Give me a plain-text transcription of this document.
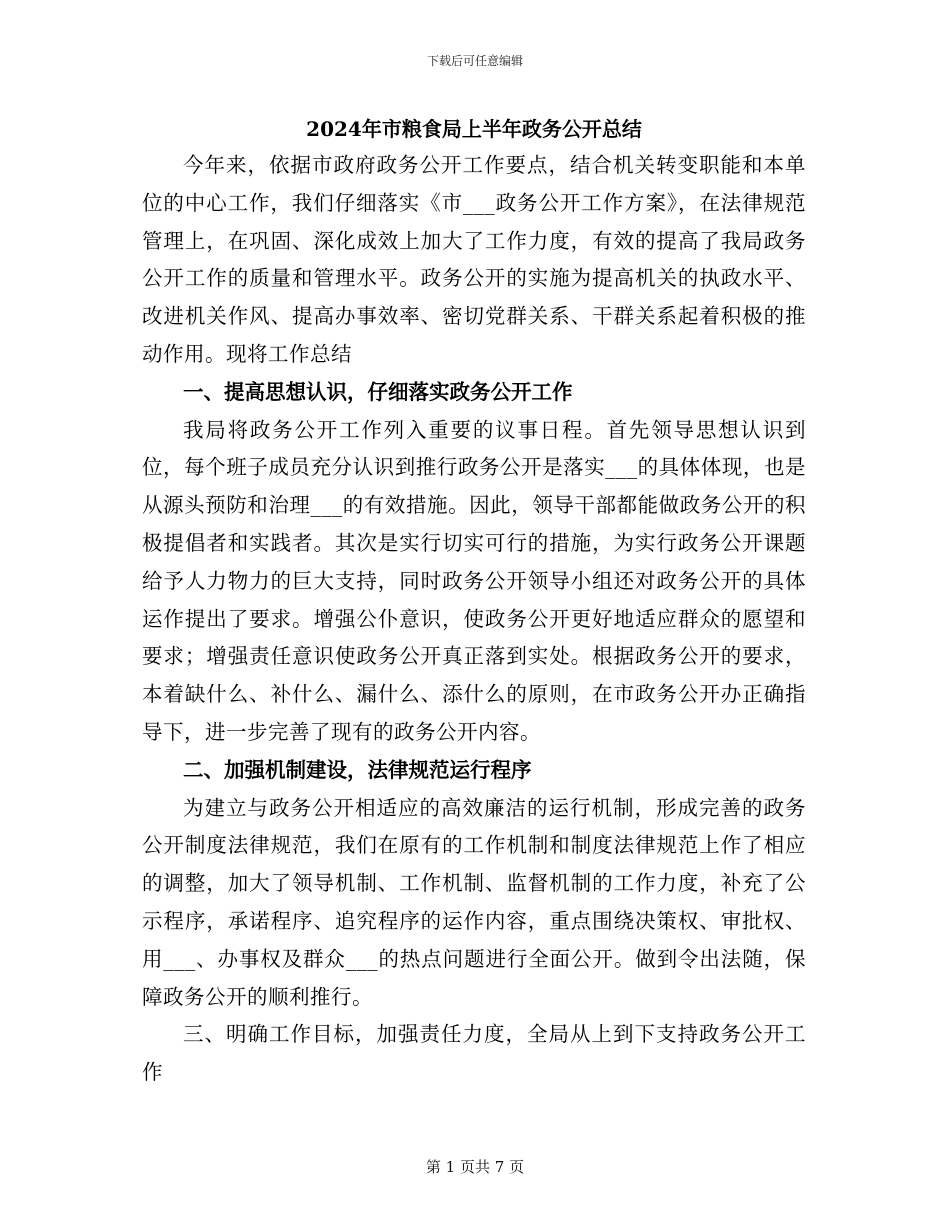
下载后可任意编辑
2024年市粮食局上半年政务公开总结

今年来，依据市政府政务公开工作要点，结合机关转变职能和本单位的中心工作，我们仔细落实《市___政务公开工作方案》，在法律规范管理上，在巩固、深化成效上加大了工作力度，有效的提高了我局政务公开工作的质量和管理水平。政务公开的实施为提高机关的执政水平、改进机关作风、提高办事效率、密切党群关系、干群关系起着积极的推动作用。现将工作总结

一、提高思想认识，仔细落实政务公开工作

我局将政务公开工作列入重要的议事日程。首先领导思想认识到位，每个班子成员充分认识到推行政务公开是落实___的具体体现，也是从源头预防和治理___的有效措施。因此，领导干部都能做政务公开的积极提倡者和实践者。其次是实行切实可行的措施，为实行政务公开课题给予人力物力的巨大支持，同时政务公开领导小组还对政务公开的具体运作提出了要求。增强公仆意识，使政务公开更好地适应群众的愿望和要求；增强责任意识使政务公开真正落到实处。根据政务公开的要求，本着缺什么、补什么、漏什么、添什么的原则，在市政务公开办正确指导下，进一步完善了现有的政务公开内容。

二、加强机制建设，法律规范运行程序

为建立与政务公开相适应的高效廉洁的运行机制，形成完善的政务公开制度法律规范，我们在原有的工作机制和制度法律规范上作了相应的调整，加大了领导机制、工作机制、监督机制的工作力度，补充了公示程序，承诺程序、追究程序的运作内容，重点围绕决策权、审批权、用___、办事权及群众___的热点问题进行全面公开。做到令出法随，保障政务公开的顺利推行。

三、明确工作目标，加强责任力度，全局从上到下支持政务公开工作

第 1 页共 7 页
